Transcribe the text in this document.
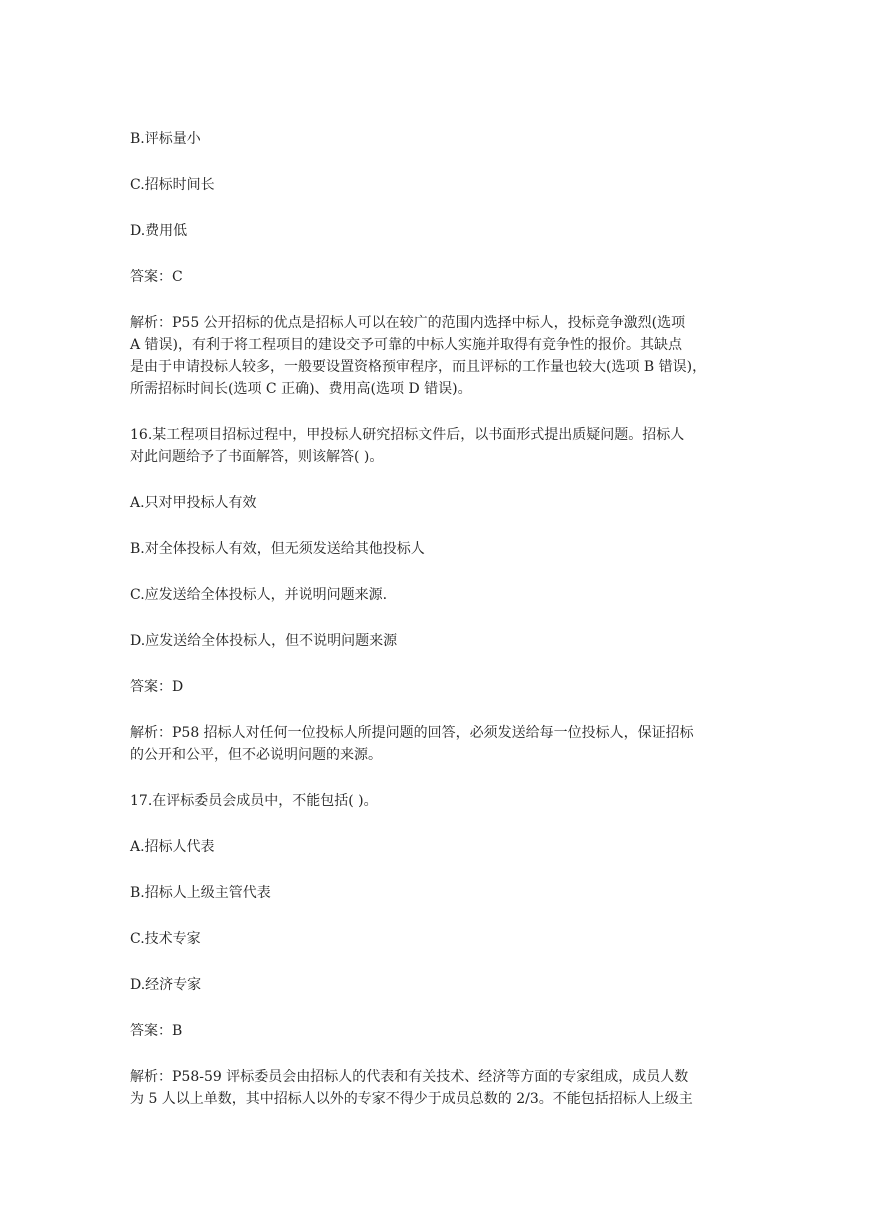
B.评标量小

C.招标时间长

D.费用低

答案：C

解析：P55 公开招标的优点是招标人可以在较广的范围内选择中标人，投标竞争激烈(选项

A 错误)，有利于将工程项目的建设交予可靠的中标人实施并取得有竞争性的报价。其缺点

是由于申请投标人较多，一般要设置资格预审程序，而且评标的工作量也较大(选项 B 错误)，

所需招标时间长(选项 C 正确)、费用高(选项 D 错误)。

16.某工程项目招标过程中，甲投标人研究招标文件后，以书面形式提出质疑问题。招标人

对此问题给予了书面解答，则该解答( )。

A.只对甲投标人有效

B.对全体投标人有效，但无须发送给其他投标人

C.应发送给全体投标人，并说明问题来源.

D.应发送给全体投标人，但不说明问题来源

答案：D

解析：P58 招标人对任何一位投标人所提问题的回答，必须发送给每一位投标人，保证招标

的公开和公平，但不必说明问题的来源。

17.在评标委员会成员中，不能包括( )。

A.招标人代表

B.招标人上级主管代表

C.技术专家

D.经济专家

答案：B

解析：P58-59 评标委员会由招标人的代表和有关技术、经济等方面的专家组成，成员人数

为 5 人以上单数，其中招标人以外的专家不得少于成员总数的 2/3。不能包括招标人上级主
